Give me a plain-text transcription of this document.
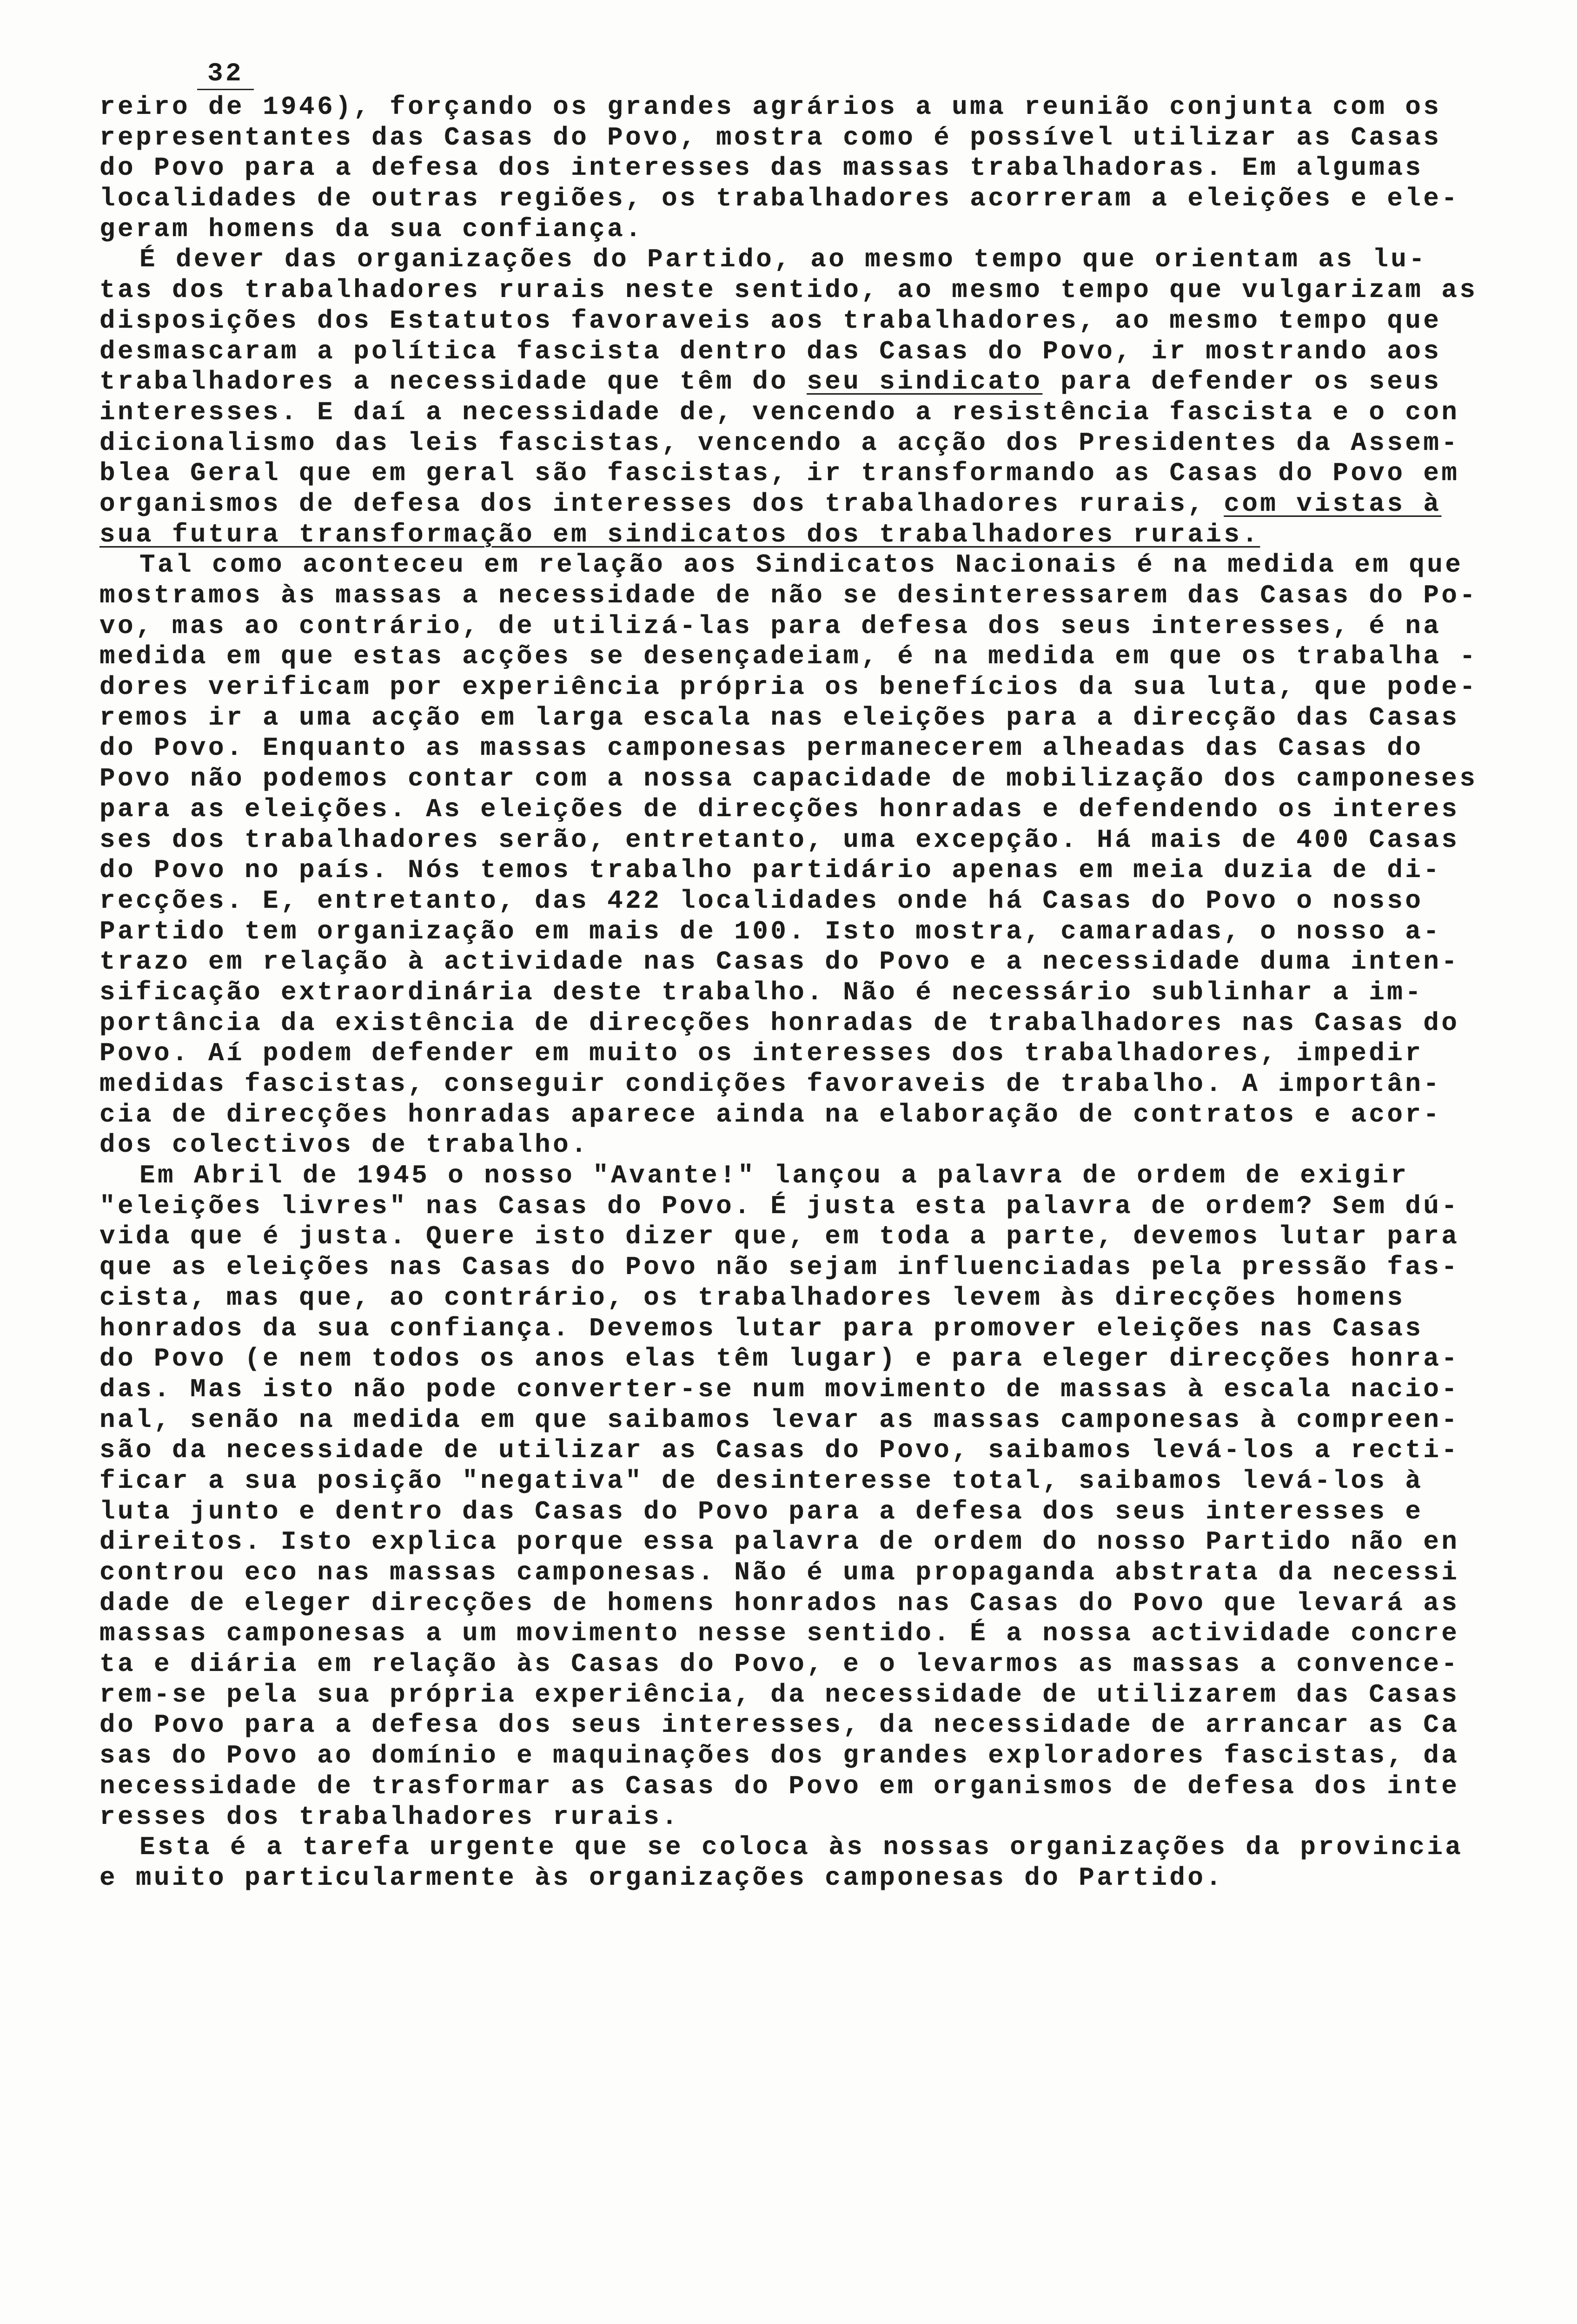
32
reiro de 1946), forçando os grandes agrários a uma reunião conjunta com os
representantes das Casas do Povo, mostra como é possível utilizar as Casas
do Povo para a defesa dos interesses das massas trabalhadoras. Em algumas
localidades de outras regiões, os trabalhadores acorreram a eleições e ele-
geram homens da sua confiança.
É dever das organizações do Partido, ao mesmo tempo que orientam as lu-
tas dos trabalhadores rurais neste sentido, ao mesmo tempo que vulgarizam as
disposições dos Estatutos favoraveis aos trabalhadores, ao mesmo tempo que
desmascaram a política fascista dentro das Casas do Povo, ir mostrando aos
trabalhadores a necessidade que têm do seu sindicato para defender os seus
interesses. E daí a necessidade de, vencendo a resistência fascista e o con
dicionalismo das leis fascistas, vencendo a acção dos Presidentes da Assem-
blea Geral que em geral são fascistas, ir transformando as Casas do Povo em
organismos de defesa dos interesses dos trabalhadores rurais, com vistas à
sua futura transformação em sindicatos dos trabalhadores rurais.
Tal como aconteceu em relação aos Sindicatos Nacionais é na medida em que
mostramos às massas a necessidade de não se desinteressarem das Casas do Po-
vo, mas ao contrário, de utilizá-las para defesa dos seus interesses, é na
medida em que estas acções se desençadeiam, é na medida em que os trabalha -
dores verificam por experiência própria os benefícios da sua luta, que pode-
remos ir a uma acção em larga escala nas eleições para a direcção das Casas
do Povo. Enquanto as massas camponesas permanecerem alheadas das Casas do
Povo não podemos contar com a nossa capacidade de mobilização dos camponeses
para as eleições. As eleições de direcções honradas e defendendo os interes
ses dos trabalhadores serão, entretanto, uma excepção. Há mais de 400 Casas
do Povo no país. Nós temos trabalho partidário apenas em meia duzia de di-
recções. E, entretanto, das 422 localidades onde há Casas do Povo o nosso
Partido tem organização em mais de 100. Isto mostra, camaradas, o nosso a-
trazo em relação à actividade nas Casas do Povo e a necessidade duma inten-
sificação extraordinária deste trabalho. Não é necessário sublinhar a im-
portância da existência de direcções honradas de trabalhadores nas Casas do
Povo. Aí podem defender em muito os interesses dos trabalhadores, impedir
medidas fascistas, conseguir condições favoraveis de trabalho. A importân-
cia de direcções honradas aparece ainda na elaboração de contratos e acor-
dos colectivos de trabalho.
Em Abril de 1945 o nosso "Avante!" lançou a palavra de ordem de exigir
"eleições livres" nas Casas do Povo. É justa esta palavra de ordem? Sem dú-
vida que é justa. Quere isto dizer que, em toda a parte, devemos lutar para
que as eleições nas Casas do Povo não sejam influenciadas pela pressão fas-
cista, mas que, ao contrário, os trabalhadores levem às direcções homens
honrados da sua confiança. Devemos lutar para promover eleições nas Casas
do Povo (e nem todos os anos elas têm lugar) e para eleger direcções honra-
das. Mas isto não pode converter-se num movimento de massas à escala nacio-
nal, senão na medida em que saibamos levar as massas camponesas à compreen-
são da necessidade de utilizar as Casas do Povo, saibamos levá-los a recti-
ficar a sua posição "negativa" de desinteresse total, saibamos levá-los à
luta junto e dentro das Casas do Povo para a defesa dos seus interesses e
direitos. Isto explica porque essa palavra de ordem do nosso Partido não en
controu eco nas massas camponesas. Não é uma propaganda abstrata da necessi
dade de eleger direcções de homens honrados nas Casas do Povo que levará as
massas camponesas a um movimento nesse sentido. É a nossa actividade concre
ta e diária em relação às Casas do Povo, e o levarmos as massas a convence-
rem-se pela sua própria experiência, da necessidade de utilizarem das Casas
do Povo para a defesa dos seus interesses, da necessidade de arrancar as Ca
sas do Povo ao domínio e maquinações dos grandes exploradores fascistas, da
necessidade de trasformar as Casas do Povo em organismos de defesa dos inte
resses dos trabalhadores rurais.
Esta é a tarefa urgente que se coloca às nossas organizações da provincia
e muito particularmente às organizações camponesas do Partido.
